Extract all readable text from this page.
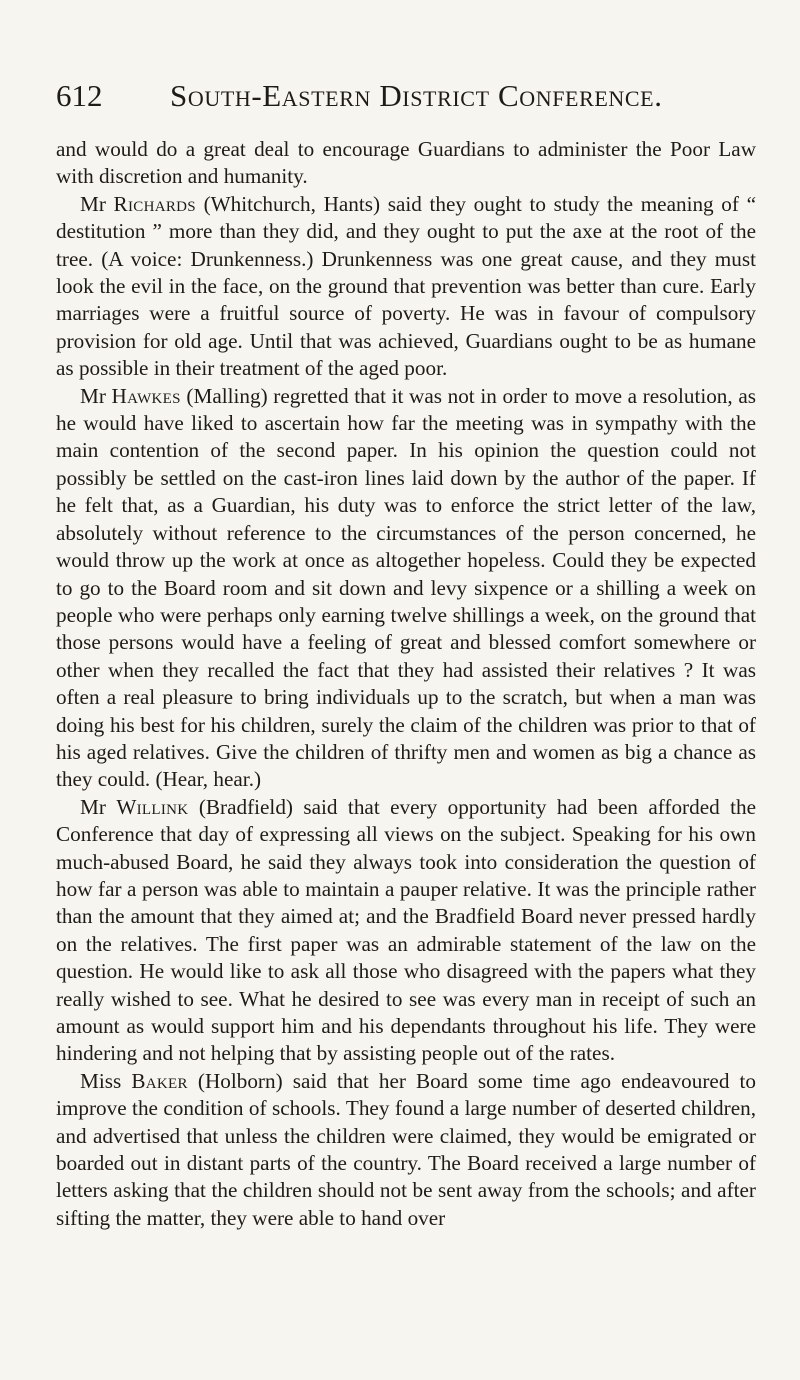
612	South-Eastern District Conference.

and would do a great deal to encourage Guardians to administer the Poor Law with discretion and humanity.

Mr Richards (Whitchurch, Hants) said they ought to study the meaning of “ destitution ” more than they did, and they ought to put the axe at the root of the tree. (A voice: Drunkenness.) Drunkenness was one great cause, and they must look the evil in the face, on the ground that prevention was better than cure. Early marriages were a fruitful source of poverty. He was in favour of compulsory provision for old age. Until that was achieved, Guardians ought to be as humane as possible in their treatment of the aged poor.

Mr Hawkes (Malling) regretted that it was not in order to move a resolution, as he would have liked to ascertain how far the meeting was in sympathy with the main contention of the second paper. In his opinion the question could not possibly be settled on the cast-iron lines laid down by the author of the paper. If he felt that, as a Guardian, his duty was to enforce the strict letter of the law, absolutely without reference to the circumstances of the person concerned, he would throw up the work at once as altogether hopeless. Could they be expected to go to the Board room and sit down and levy sixpence or a shilling a week on people who were perhaps only earning twelve shillings a week, on the ground that those persons would have a feeling of great and blessed comfort somewhere or other when they recalled the fact that they had assisted their relatives ? It was often a real pleasure to bring individuals up to the scratch, but when a man was doing his best for his children, surely the claim of the children was prior to that of his aged relatives. Give the children of thrifty men and women as big a chance as they could. (Hear, hear.)

Mr Willink (Bradfield) said that every opportunity had been afforded the Conference that day of expressing all views on the subject. Speaking for his own much-abused Board, he said they always took into consideration the question of how far a person was able to maintain a pauper relative. It was the principle rather than the amount that they aimed at; and the Bradfield Board never pressed hardly on the relatives. The first paper was an admirable statement of the law on the question. He would like to ask all those who disagreed with the papers what they really wished to see. What he desired to see was every man in receipt of such an amount as would support him and his dependants throughout his life. They were hindering and not helping that by assisting people out of the rates.

Miss Baker (Holborn) said that her Board some time ago endeavoured to improve the condition of schools. They found a large number of deserted children, and advertised that unless the children were claimed, they would be emigrated or boarded out in distant parts of the country. The Board received a large number of letters asking that the children should not be sent away from the schools; and after sifting the matter, they were able to hand over
